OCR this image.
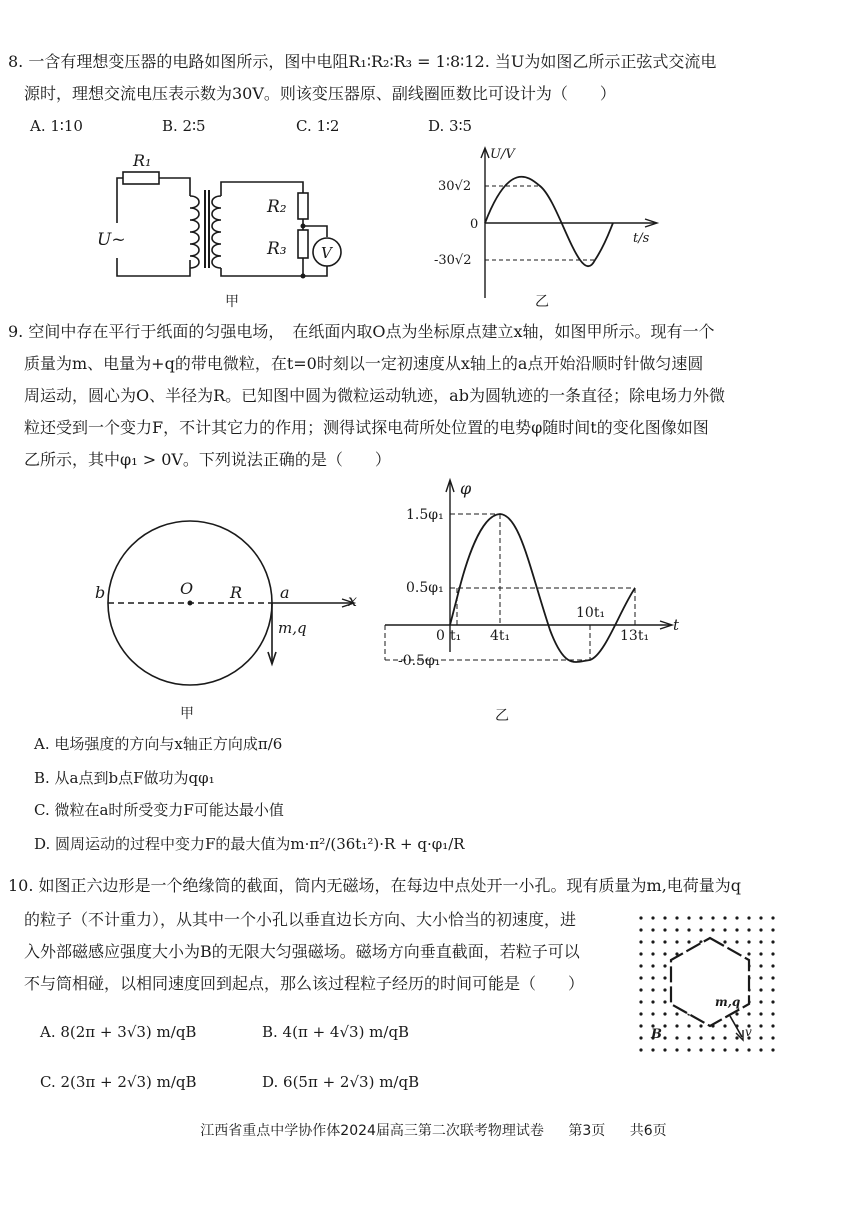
8. 一含有理想变压器的电路如图所示，图中电阻R₁∶R₂∶R₃ = 1∶8∶12. 当U为如图乙所示正弦式交流电
源时，理想交流电压表示数为30V。则该变压器原、副线圈匝数比可设计为（　　）
A. 1∶10	B. 2∶5	C. 1∶2	D. 3∶5
R₁
U~
R₂
R₃ V
甲
U/V
t/s
30√2
0
-30√2
乙
9. 空间中存在平行于纸面的匀强电场，　在纸面内取O点为坐标原点建立x轴，如图甲所示。现有一个
质量为m、电量为+q的带电微粒，在t=0时刻以一定初速度从x轴上的a点开始沿顺时针做匀速圆
周运动，圆心为O、半径为R。已知图中圆为微粒运动轨迹，ab为圆轨迹的一条直径；除电场力外微
粒还受到一个变力F，不计其它力的作用；测得试探电荷所处位置的电势φ随时间t的变化图像如图
乙所示，其中φ₁ > 0V。下列说法正确的是（　　）
b	O R a	x
m,q
甲
φ
t
1.5φ₁
0.5φ₁
-0.5φ₁
0 t₁ 4t₁
10t₁
13t₁
乙
A. 电场强度的方向与x轴正方向成π/6
B. 从a点到b点F做功为qφ₁
C. 微粒在a时所受变力F可能达最小值
D. 圆周运动的过程中变力F的最大值为m·π²/(36t₁²)·R + q·φ₁/R
10. 如图正六边形是一个绝缘筒的截面，筒内无磁场，在每边中点处开一小孔。现有质量为m,电荷量为q
的粒子（不计重力），从其中一个小孔以垂直边长方向、大小恰当的初速度，进
入外部磁感应强度大小为B的无限大匀强磁场。磁场方向垂直截面，若粒子可以
不与筒相碰，以相同速度回到起点，那么该过程粒子经历的时间可能是（　　）
m,q
B	v
A. 8(2π + 3√3) m/qB	B. 4(π + 4√3) m/qB
C. 2(3π + 2√3) m/qB	D. 6(5π + 2√3) m/qB
江西省重点中学协作体2024届高三第二次联考物理试卷 第3页 共6页
